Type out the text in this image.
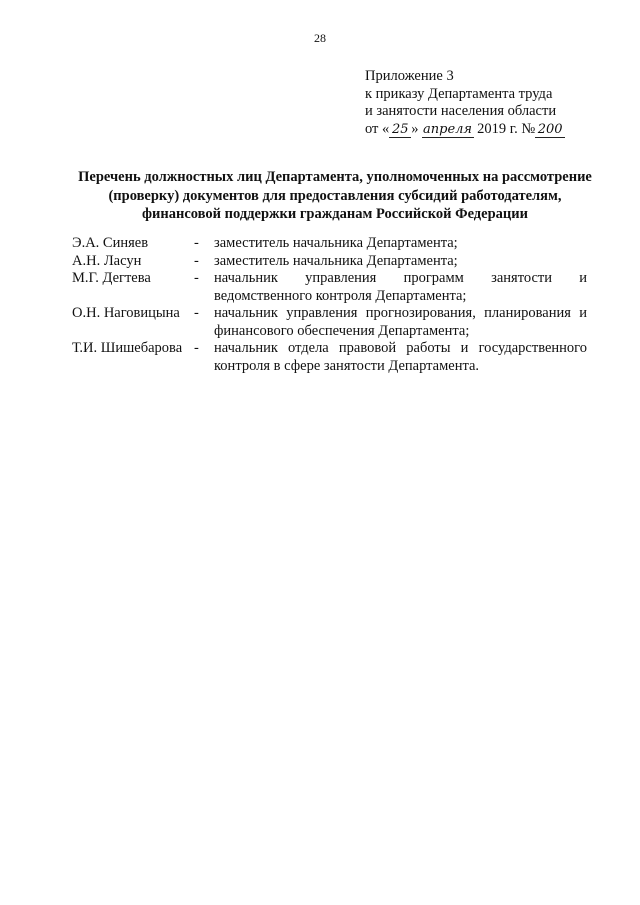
28
Приложение 3
к приказу Департамента труда
и занятости населения области
от « 25 » апреля 2019 г. № 200
Перечень должностных лиц Департамента, уполномоченных на рассмотрение
(проверку) документов для предоставления субсидий работодателям,
финансовой поддержки гражданам Российской Федерации
Э.А. Синяев	-	заместитель начальника Департамента;
А.Н. Ласун	-	заместитель начальника Департамента;
М.Г. Дегтева	-	начальник управления программ занятости и
ведомственного контроля Департамента;
О.Н. Наговицына -	начальник управления прогнозирования, планирования и
финансового обеспечения Департамента;
Т.И. Шишебарова -	начальник отдела правовой работы и государственного
контроля в сфере занятости Департамента.
